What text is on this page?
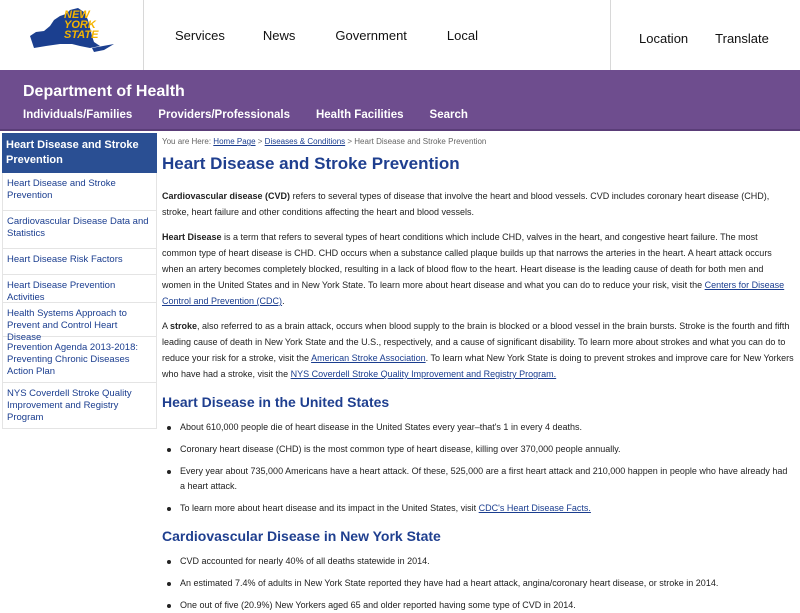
NEW
YORK
STATE	Services	News	Government	Local	Location Translate
Department of Health
Individuals/Families Providers/Professionals Health Facilities Search
Heart Disease and Stroke Prevention
Heart Disease and Stroke Prevention
Cardiovascular Disease Data and Statistics
Heart Disease Risk Factors
Heart Disease Prevention Activities
Health Systems Approach to Prevent and Control Heart Disease
Prevention Agenda 2013-2018: Preventing Chronic Diseases Action Plan
NYS Coverdell Stroke Quality Improvement and Registry Program
You are Here: Home Page > Diseases & Conditions > Heart Disease and Stroke Prevention
Heart Disease and Stroke Prevention

Cardiovascular disease (CVD) refers to several types of disease that involve the heart and blood vessels. CVD includes coronary heart disease (CHD), stroke, heart failure and other conditions affecting the heart and blood vessels.

Heart Disease is a term that refers to several types of heart conditions which include CHD, valves in the heart, and congestive heart failure. The most common type of heart disease is CHD. CHD occurs when a substance called plaque builds up that narrows the arteries in the heart. A heart attack occurs when an artery becomes completely blocked, resulting in a lack of blood flow to the heart. Heart disease is the leading cause of death for both men and women in the United States and in New York State. To learn more about heart disease and what you can do to reduce your risk, visit the Centers for Disease Control and Prevention (CDC).

A stroke, also referred to as a brain attack, occurs when blood supply to the brain is blocked or a blood vessel in the brain bursts. Stroke is the fourth and fifth leading cause of death in New York State and the U.S., respectively, and a cause of significant disability. To learn more about strokes and what you can do to reduce your risk for a stroke, visit the American Stroke Association. To learn what New York State is doing to prevent strokes and improve care for New Yorkers who have had a stroke, visit the NYS Coverdell Stroke Quality Improvement and Registry Program.

Heart Disease in the United States
About 610,000 people die of heart disease in the United States every year–that's 1 in every 4 deaths.
Coronary heart disease (CHD) is the most common type of heart disease, killing over 370,000 people annually.
Every year about 735,000 Americans have a heart attack. Of these, 525,000 are a first heart attack and 210,000 happen in people who have already had a heart attack.
To learn more about heart disease and its impact in the United States, visit CDC's Heart Disease Facts.
Cardiovascular Disease in New York State
CVD accounted for nearly 40% of all deaths statewide in 2014.
An estimated 7.4% of adults in New York State reported they have had a heart attack, angina/coronary heart disease, or stroke in 2014.
One out of five (20.9%) New Yorkers aged 65 and older reported having some type of CVD in 2014.
